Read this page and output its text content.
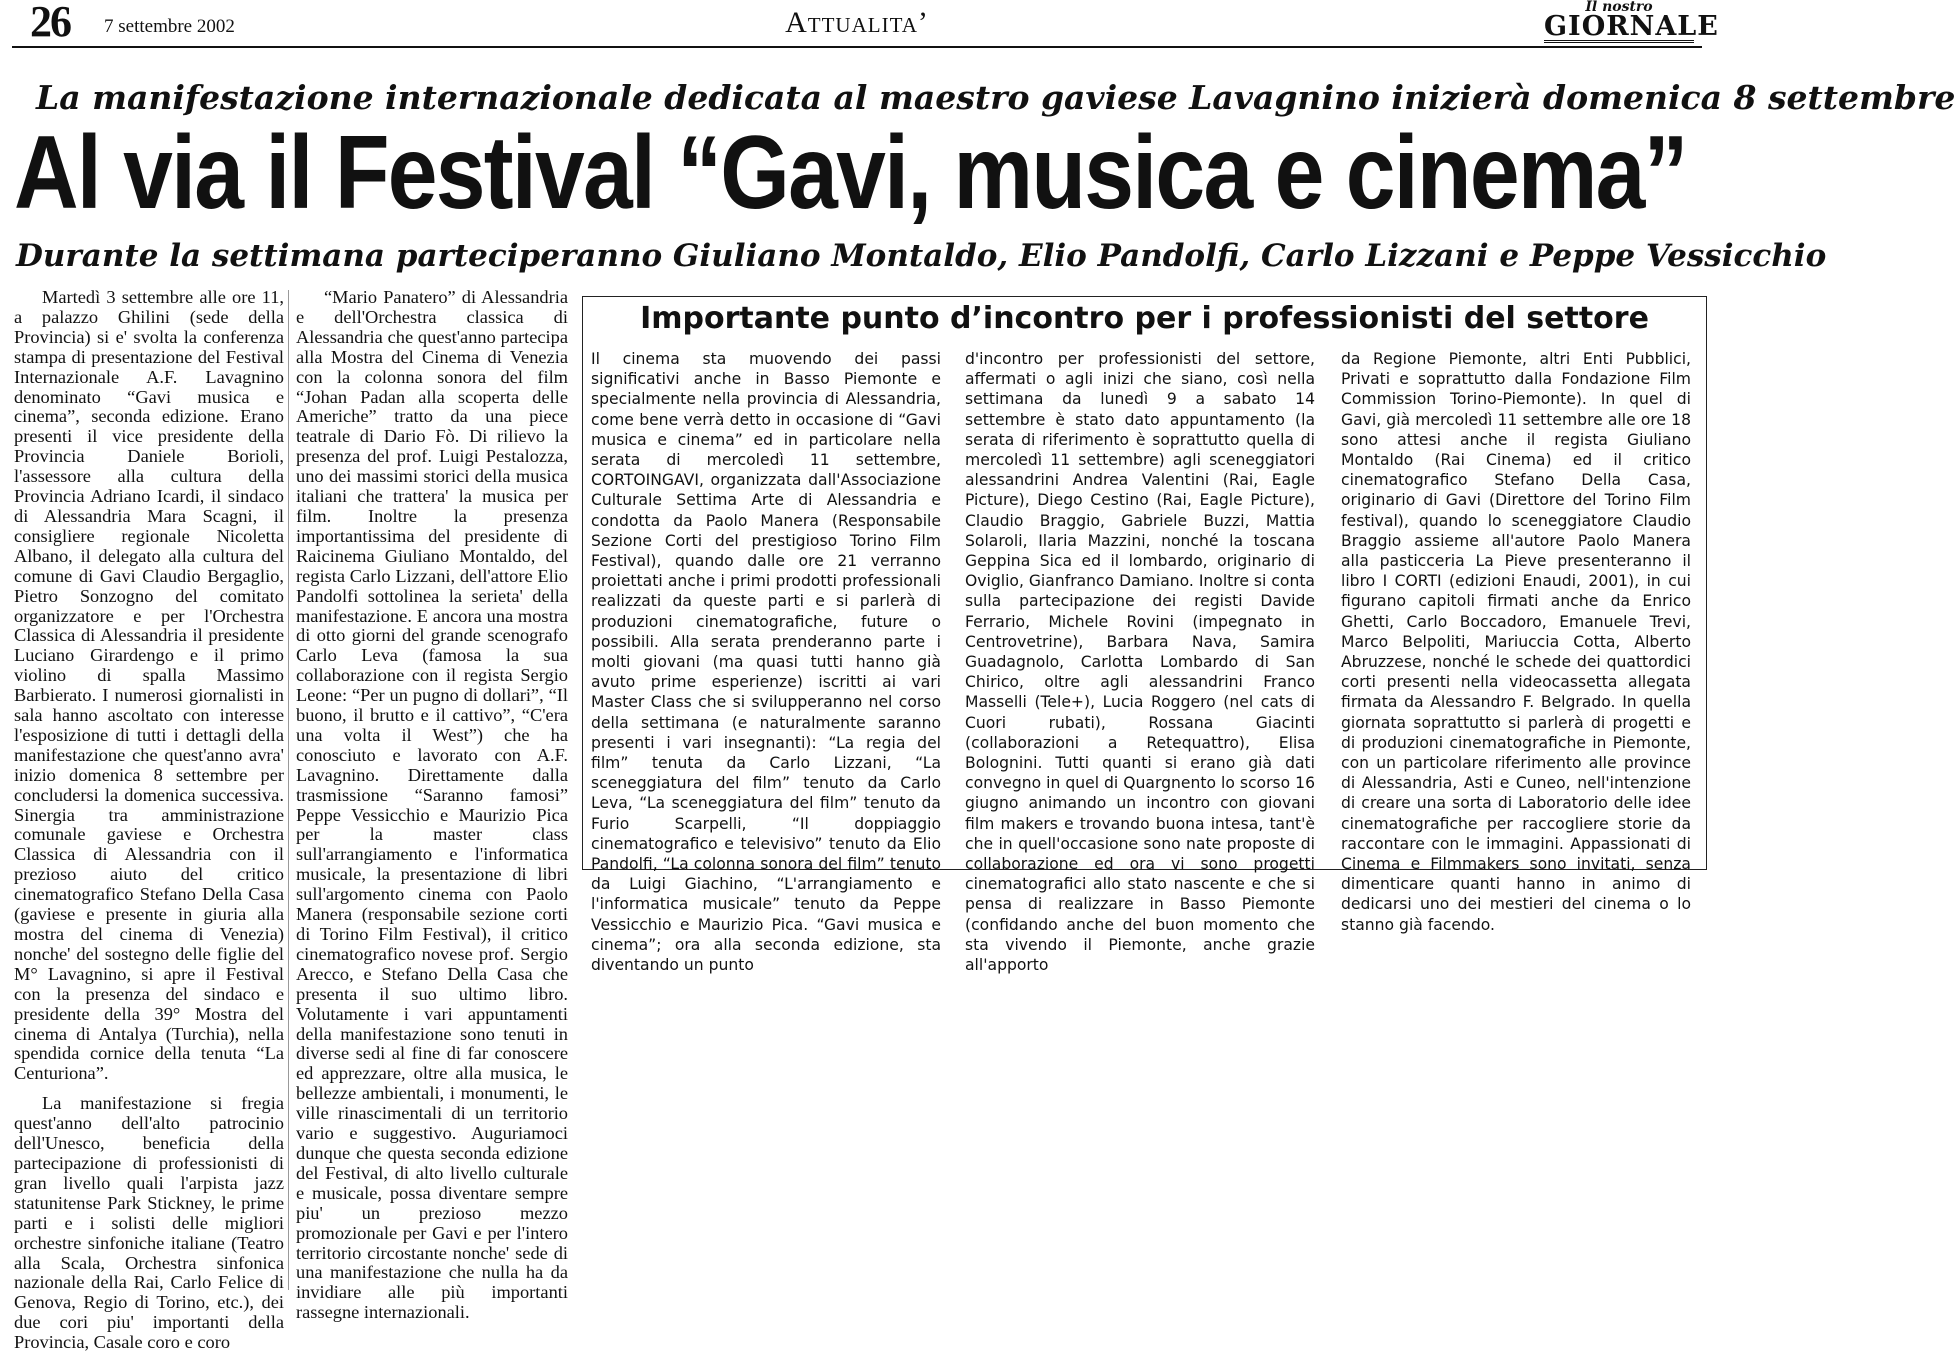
26 7 settembre 2002	Attualita’	Il nostro
GIORNALE
La manifestazione internazionale dedicata al maestro gaviese Lavagnino inizierà domenica 8 settembre
Al via il Festival “Gavi, musica e cinema”
Durante la settimana parteciperanno Giuliano Montaldo, Elio Pandolfi, Carlo Lizzani e Peppe Vessicchio

Martedì 3 settembre alle ore 11, a palazzo Ghilini (sede della Provincia) si e' svolta la conferenza stampa di presentazione del Festival Internazionale A.F. Lavagnino denominato “Gavi musica e cinema”, seconda edizione. Erano presenti il vice presidente della Provincia Daniele Borioli, l'assessore alla cultura della Provincia Adriano Icardi, il sindaco di Alessandria Mara Scagni, il consigliere regionale Nicoletta Albano, il delegato alla cultura del comune di Gavi Claudio Bergaglio, Pietro Sonzogno del comitato organizzatore e per l'Orchestra Classica di Alessandria il presidente Luciano Girardengo e il primo violino di spalla Massimo Barbierato. I numerosi giornalisti in sala hanno ascoltato con interesse l'esposizione di tutti i dettagli della manifestazione che quest'anno avra' inizio domenica 8 settembre per concludersi la domenica successiva. Sinergia tra amministrazione comunale gaviese e Orchestra Classica di Alessandria con il prezioso aiuto del critico cinematografico Stefano Della Casa (gaviese e presente in giuria alla mostra del cinema di Venezia) nonche' del sostegno delle figlie del M° Lavagnino, si apre il Festival con la presenza del sindaco e presidente della 39° Mostra del cinema di Antalya (Turchia), nella spendida cornice della tenuta “La Centuriona”.

La manifestazione si fregia quest'anno dell'alto patrocinio dell'Unesco, beneficia della partecipazione di professionisti di gran livello quali l'arpista jazz statunitense Park Stickney, le prime parti e i solisti delle migliori orchestre sinfoniche italiane (Teatro alla Scala, Orchestra sinfonica nazionale della Rai, Carlo Felice di Genova, Regio di Torino, etc.), dei due cori piu' importanti della Provincia, Casale coro e coro

“Mario Panatero” di Alessandria e dell'Orchestra classica di Alessandria che quest'anno partecipa alla Mostra del Cinema di Venezia con la colonna sonora del film “Johan Padan alla scoperta delle Americhe” tratto da una piece teatrale di Dario Fò. Di rilievo la presenza del prof. Luigi Pestalozza, uno dei massimi storici della musica italiani che trattera' la musica per film. Inoltre la presenza importantissima del presidente di Raicinema Giuliano Montaldo, del regista Carlo Lizzani, dell'attore Elio Pandolfi sottolinea la serieta' della manifestazione. E ancora una mostra di otto giorni del grande scenografo Carlo Leva (famosa la sua collaborazione con il regista Sergio Leone: “Per un pugno di dollari”, “Il buono, il brutto e il cattivo”, “C'era una volta il West”) che ha conosciuto e lavorato con A.F. Lavagnino. Direttamente dalla trasmissione “Saranno famosi” Peppe Vessicchio e Maurizio Pica per la master class sull'arrangiamento e l'informatica musicale, la presentazione di libri sull'argomento cinema con Paolo Manera (responsabile sezione corti di Torino Film Festival), il critico cinematografico novese prof. Sergio Arecco, e Stefano Della Casa che presenta il suo ultimo libro. Volutamente i vari appuntamenti della manifestazione sono tenuti in diverse sedi al fine di far conoscere ed apprezzare, oltre alla musica, le bellezze ambientali, i monumenti, le ville rinascimentali di un territorio vario e suggestivo. Auguriamoci dunque che questa seconda edizione del Festival, di alto livello culturale e musicale, possa diventare sempre piu' un prezioso mezzo promozionale per Gavi e per l'intero territorio circostante nonche' sede di una manifestazione che nulla ha da invidiare alle più importanti rassegne internazionali.

Importante punto d’incontro per i professionisti del settore

Il cinema sta muovendo dei passi significativi anche in Basso Piemonte e specialmente nella provincia di Alessandria, come bene verrà detto in occasione di “Gavi musica e cinema” ed in particolare nella serata di mercoledì 11 settembre, CORTOINGAVI, organizzata dall'Associazione Culturale Settima Arte di Alessandria e condotta da Paolo Manera (Responsabile Sezione Corti del prestigioso Torino Film Festival), quando dalle ore 21 verranno proiettati anche i primi prodotti professionali realizzati da queste parti e si parlerà di produzioni cinematografiche, future o possibili. Alla serata prenderanno parte i molti giovani (ma quasi tutti hanno già avuto prime esperienze) iscritti ai vari Master Class che si svilupperanno nel corso della settimana (e naturalmente saranno presenti i vari insegnanti): “La regia del film” tenuta da Carlo Lizzani, “La sceneggiatura del film” tenuto da Carlo Leva, “La sceneggiatura del film” tenuto da Furio Scarpelli, “Il doppiaggio cinematografico e televisivo” tenuto da Elio Pandolfi, “La colonna sonora del film” tenuto da Luigi Giachino, “L'arrangiamento e l'informatica musicale” tenuto da Peppe Vessicchio e Maurizio Pica. “Gavi musica e cinema”; ora alla seconda edizione, sta diventando un punto

d'incontro per professionisti del settore, affermati o agli inizi che siano, così nella settimana da lunedì 9 a sabato 14 settembre è stato dato appuntamento (la serata di riferimento è soprattutto quella di mercoledì 11 settembre) agli sceneggiatori alessandrini Andrea Valentini (Rai, Eagle Picture), Diego Cestino (Rai, Eagle Picture), Claudio Braggio, Gabriele Buzzi, Mattia Solaroli, Ilaria Mazzini, nonché la toscana Geppina Sica ed il lombardo, originario di Oviglio, Gianfranco Damiano. Inoltre si conta sulla partecipazione dei registi Davide Ferrario, Michele Rovini (impegnato in Centrovetrine), Barbara Nava, Samira Guadagnolo, Carlotta Lombardo di San Chirico, oltre agli alessandrini Franco Masselli (Tele+), Lucia Roggero (nel cats di Cuori rubati), Rossana Giacinti (collaborazioni a Retequattro), Elisa Bolognini. Tutti quanti si erano già dati convegno in quel di Quargnento lo scorso 16 giugno animando un incontro con giovani film makers e trovando buona intesa, tant'è che in quell'occasione sono nate proposte di collaborazione ed ora vi sono progetti cinematografici allo stato nascente e che si pensa di realizzare in Basso Piemonte (confidando anche del buon momento che sta vivendo il Piemonte, anche grazie all'apporto

da Regione Piemonte, altri Enti Pubblici, Privati e soprattutto dalla Fondazione Film Commission Torino-Piemonte). In quel di Gavi, già mercoledì 11 settembre alle ore 18 sono attesi anche il regista Giuliano Montaldo (Rai Cinema) ed il critico cinematografico Stefano Della Casa, originario di Gavi (Direttore del Torino Film festival), quando lo sceneggiatore Claudio Braggio assieme all'autore Paolo Manera alla pasticceria La Pieve presenteranno il libro I CORTI (edizioni Enaudi, 2001), in cui figurano capitoli firmati anche da Enrico Ghetti, Carlo Boccadoro, Emanuele Trevi, Marco Belpoliti, Mariuccia Cotta, Alberto Abruzzese, nonché le schede dei quattordici corti presenti nella videocassetta allegata firmata da Alessandro F. Belgrado. In quella giornata soprattutto si parlerà di progetti e di produzioni cinematografiche in Piemonte, con un particolare riferimento alle province di Alessandria, Asti e Cuneo, nell'intenzione di creare una sorta di Laboratorio delle idee cinematografiche per raccogliere storie da raccontare con le immagini. Appassionati di Cinema e Filmmakers sono invitati, senza dimenticare quanti hanno in animo di dedicarsi uno dei mestieri del cinema o lo stanno già facendo.
